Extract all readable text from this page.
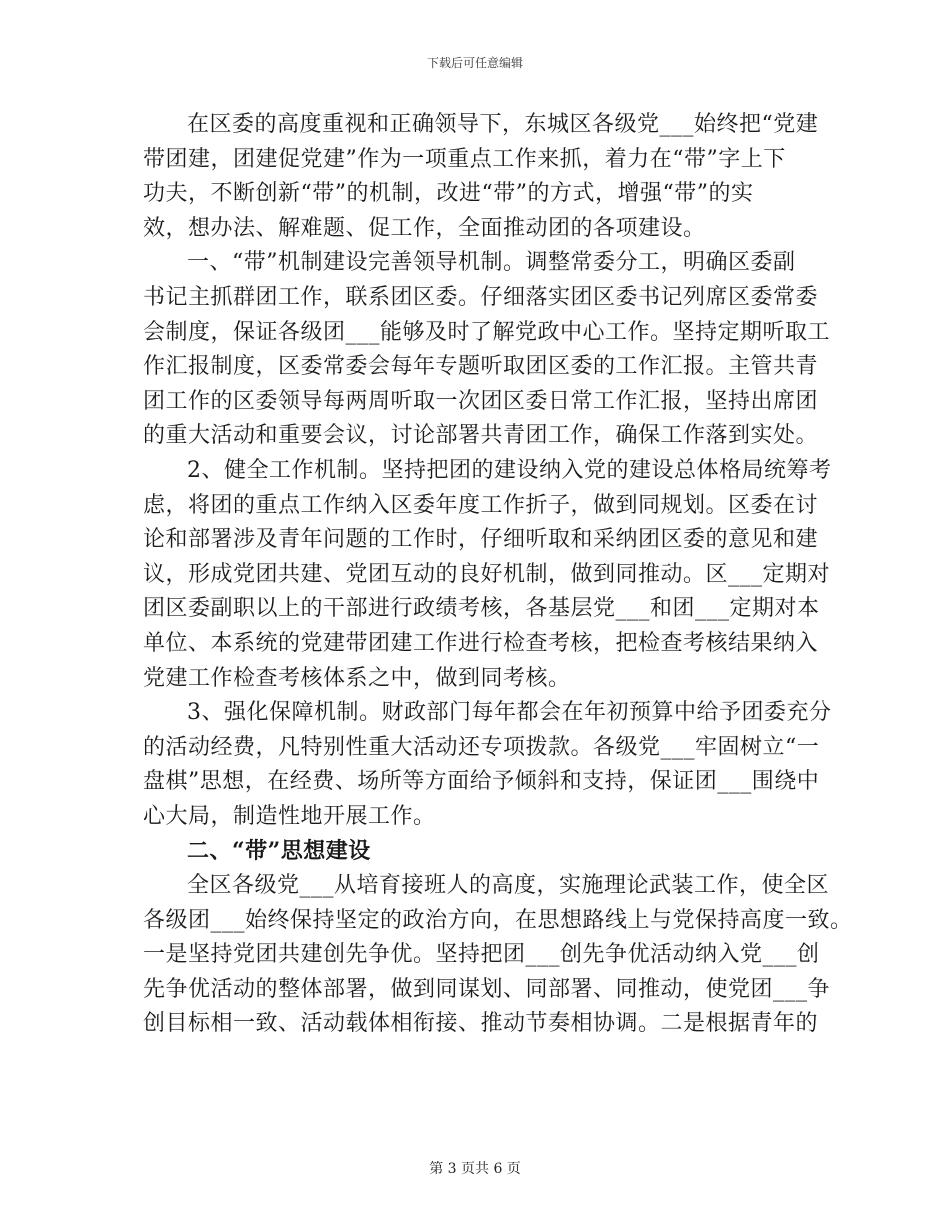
下载后可任意编辑
在区委的高度重视和正确领导下，东城区各级党___始终把“党建
带团建，团建促党建”作为一项重点工作来抓，着力在“带”字上下
功夫，不断创新“带”的机制，改进“带”的方式，增强“带”的实
效，想办法、解难题、促工作，全面推动团的各项建设。
一、“带”机制建设完善领导机制。调整常委分工，明确区委副
书记主抓群团工作，联系团区委。仔细落实团区委书记列席区委常委
会制度，保证各级团___能够及时了解党政中心工作。坚持定期听取工
作汇报制度，区委常委会每年专题听取团区委的工作汇报。主管共青
团工作的区委领导每两周听取一次团区委日常工作汇报，坚持出席团
的重大活动和重要会议，讨论部署共青团工作，确保工作落到实处。
2、健全工作机制。坚持把团的建设纳入党的建设总体格局统筹考
虑，将团的重点工作纳入区委年度工作折子，做到同规划。区委在讨
论和部署涉及青年问题的工作时，仔细听取和采纳团区委的意见和建
议，形成党团共建、党团互动的良好机制，做到同推动。区___定期对
团区委副职以上的干部进行政绩考核，各基层党___和团___定期对本
单位、本系统的党建带团建工作进行检查考核，把检查考核结果纳入
党建工作检查考核体系之中，做到同考核。
3、强化保障机制。财政部门每年都会在年初预算中给予团委充分
的活动经费，凡特别性重大活动还专项拨款。各级党___牢固树立“一
盘棋”思想，在经费、场所等方面给予倾斜和支持，保证团___围绕中
心大局，制造性地开展工作。
二、“带”思想建设
全区各级党___从培育接班人的高度，实施理论武装工作，使全区
各级团___始终保持坚定的政治方向，在思想路线上与党保持高度一致。
一是坚持党团共建创先争优。坚持把团___创先争优活动纳入党___创
先争优活动的整体部署，做到同谋划、同部署、同推动，使党团___争
创目标相一致、活动载体相衔接、推动节奏相协调。二是根据青年的
第 3 页共 6 页
